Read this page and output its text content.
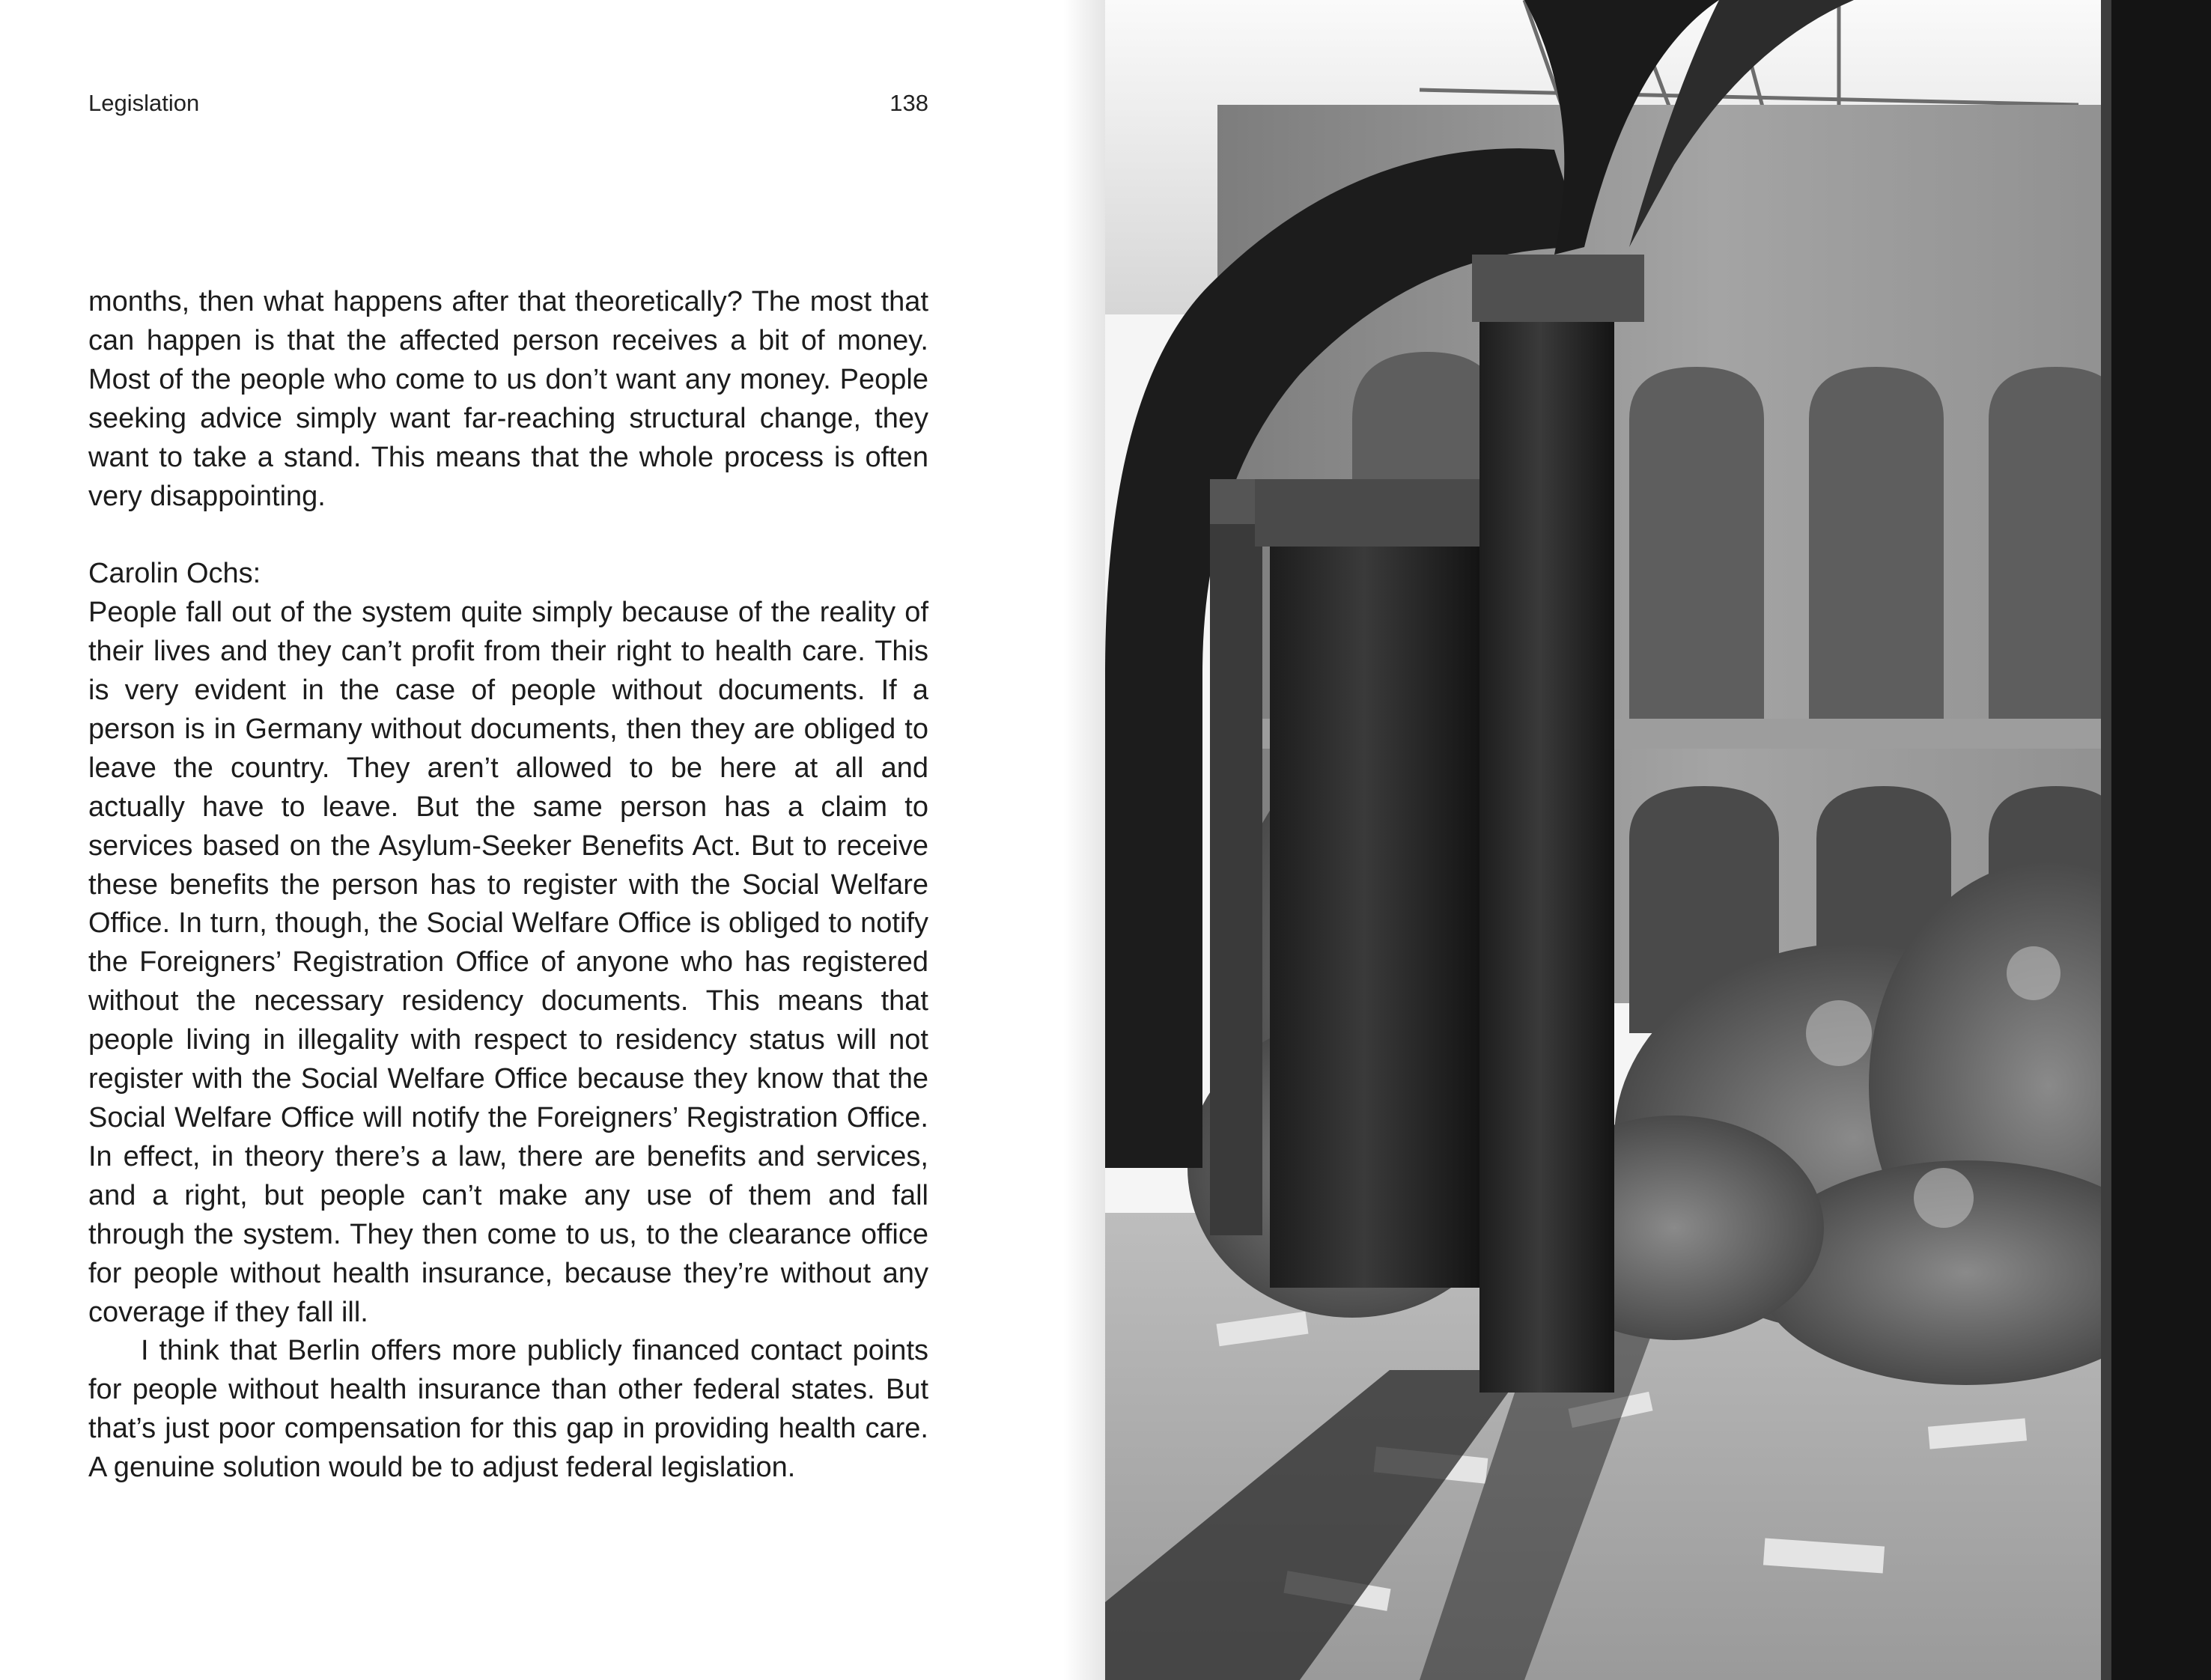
Legislation	138

months, then what happens after that theoretically? The most that can happen is that the affected person receives a bit of money. Most of the people who come to us don’t want any money. People seeking advice simply want far-reaching structural change, they want to take a stand. This means that the whole process is often very disappointing.

Carolin Ochs:

People fall out of the system quite simply because of the reality of their lives and they can’t profit from their right to health care. This is very evident in the case of people without documents. If a person is in Germany without documents, then they are obliged to leave the country. They aren’t allowed to be here at all and actually have to leave. But the same person has a claim to services based on the Asylum-Seeker Benefits Act. But to receive these benefits the person has to register with the Social Welfare Office. In turn, though, the Social Welfare Office is obliged to notify the Foreigners’ Registration Office of anyone who has registered without the necessary residency documents. This means that people living in illegality with respect to residency status will not register with the Social Welfare Office because they know that the Social Welfare Office will notify the Foreigners’ Registration Office. In effect, in theory there’s a law, there are benefits and services, and a right, but people can’t make any use of them and fall through the system. They then come to us, to the clearance office for people without health insurance, because they’re without any coverage if they fall ill.

I think that Berlin offers more publicly financed contact points for people without health insurance than other federal states. But that’s just poor compensation for this gap in providing health care. A genuine solution would be to adjust federal legislation.
